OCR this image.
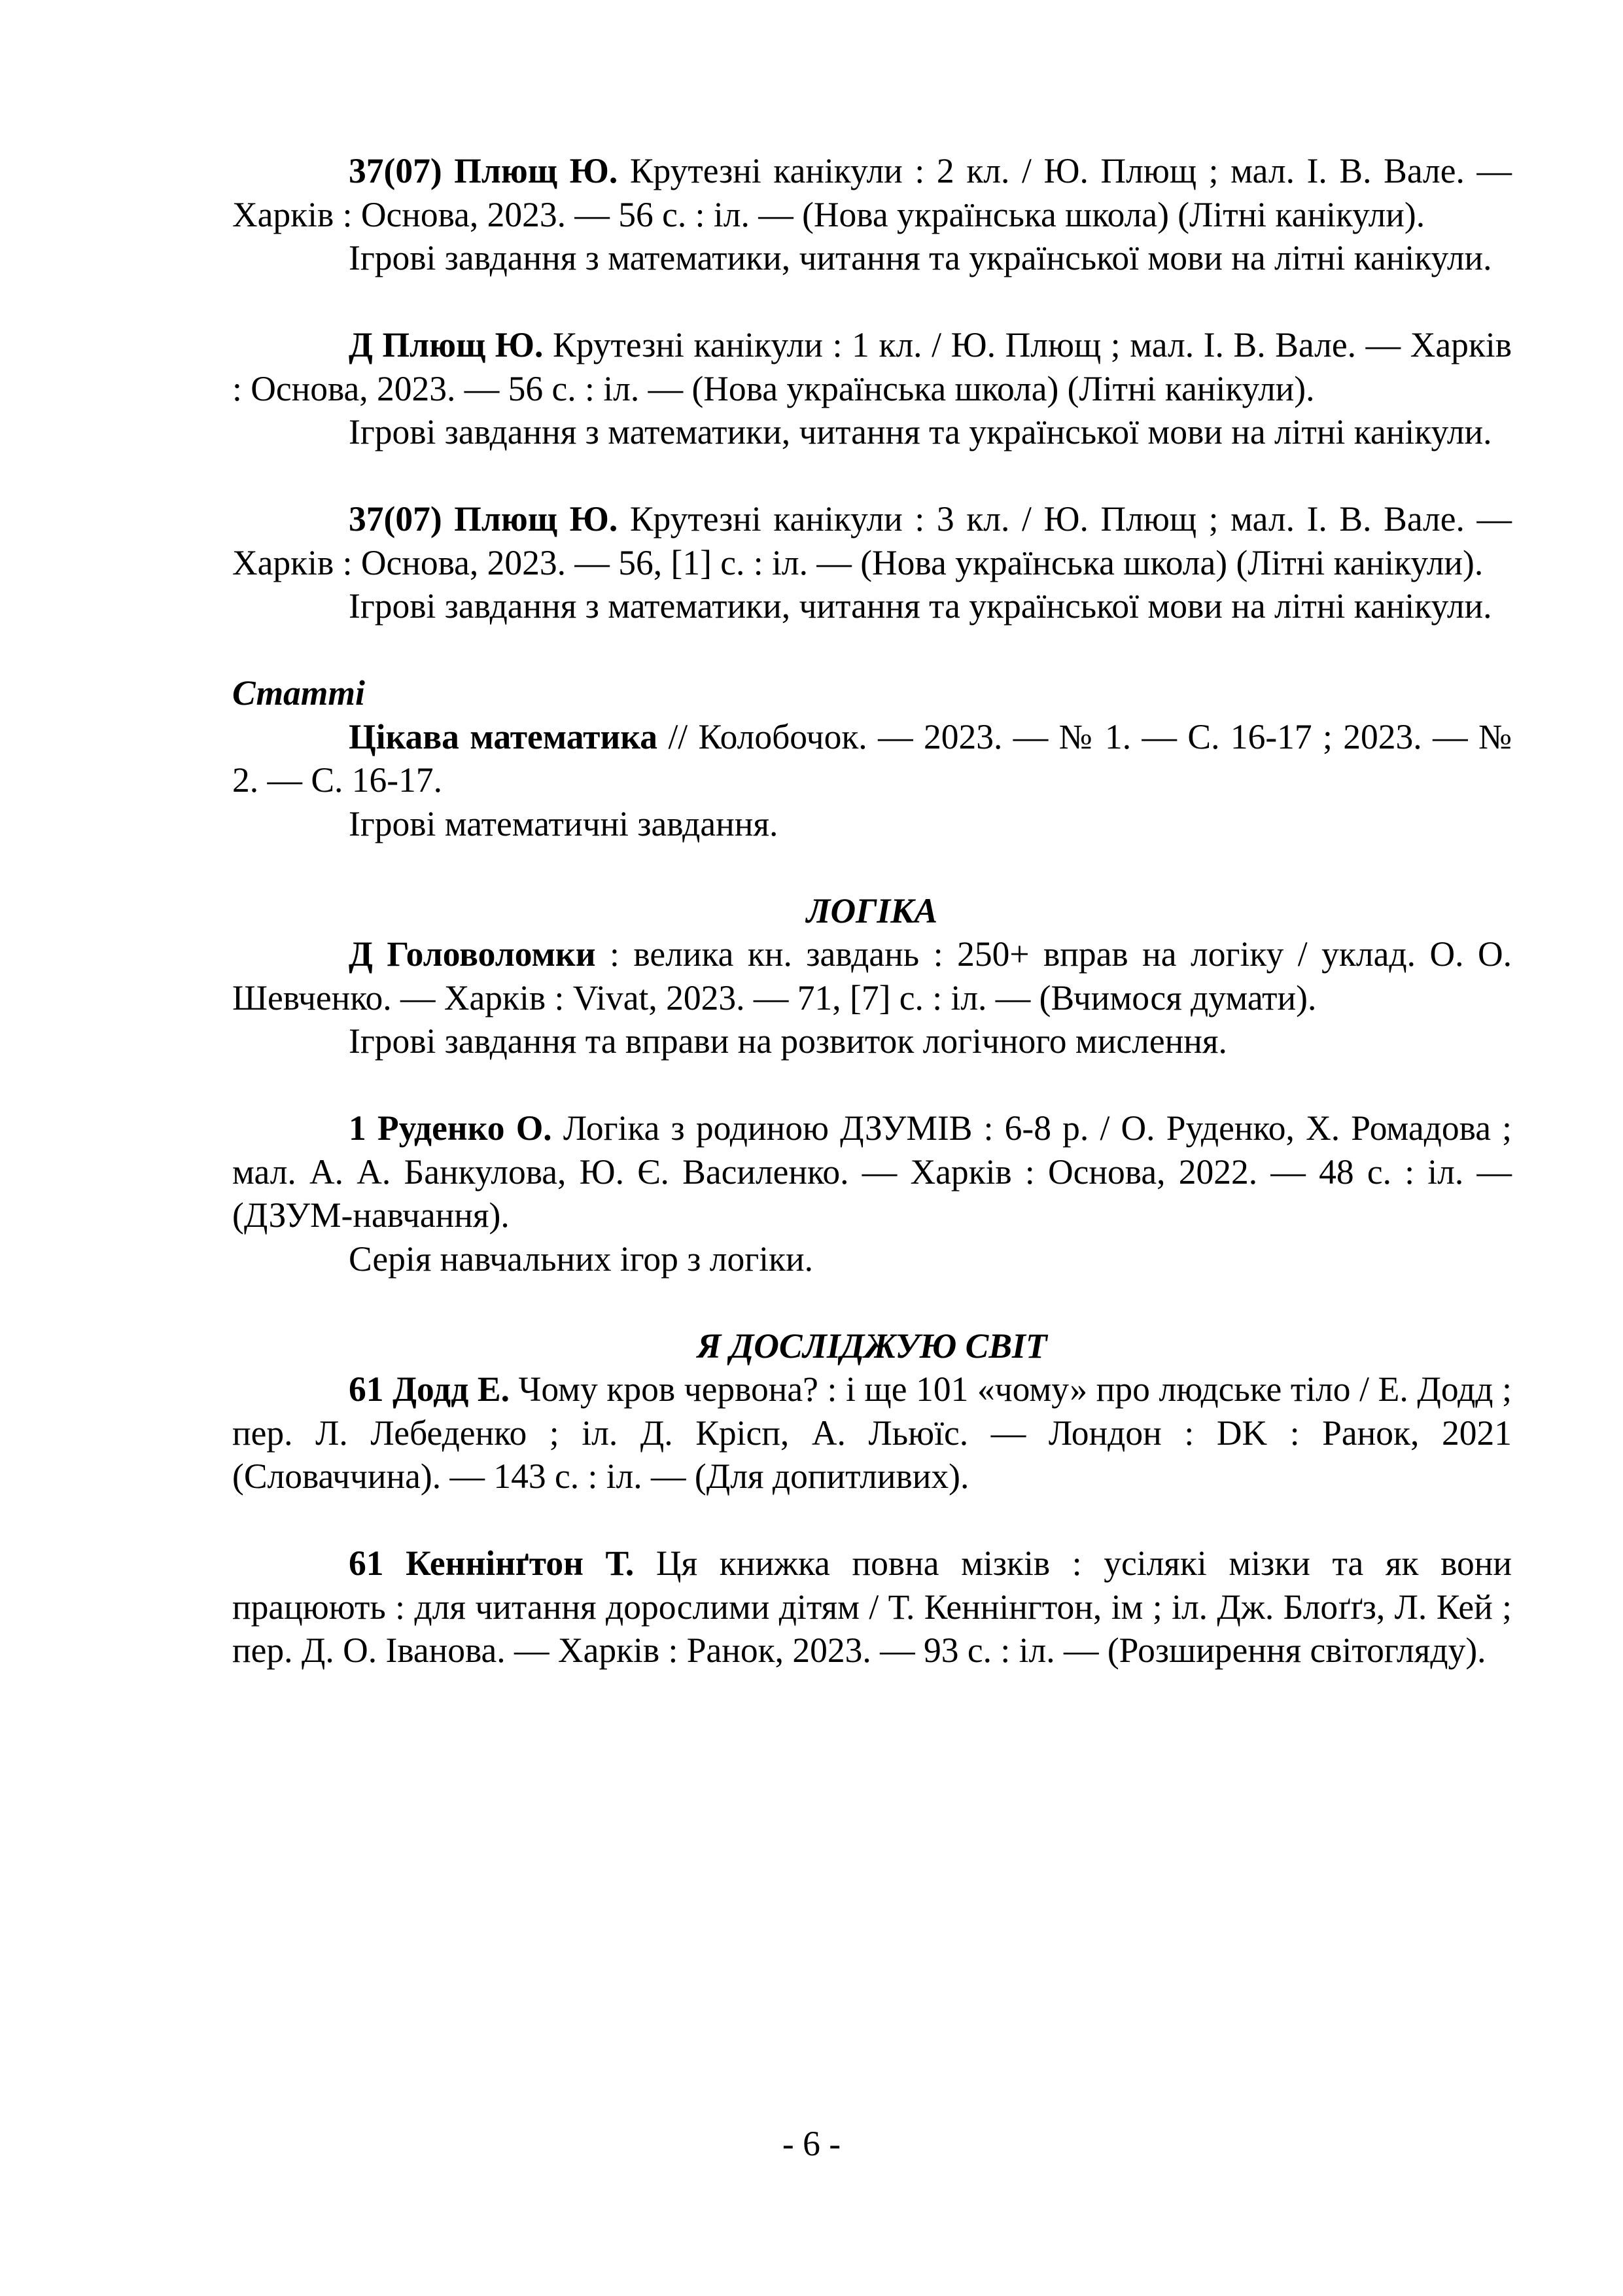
37(07) Плющ Ю. Крутезні канікули : 2 кл. / Ю. Плющ ; мал. І. В. Вале. — Харків : Основа, 2023. — 56 с. : іл. — (Нова українська школа) (Літні канікули).

Ігрові завдання з математики, читання та української мови на літні канікули.

Д Плющ Ю. Крутезні канікули : 1 кл. / Ю. Плющ ; мал. І. В. Вале. — Харків : Основа, 2023. — 56 с. : іл. — (Нова українська школа) (Літні канікули).

Ігрові завдання з математики, читання та української мови на літні канікули.

37(07) Плющ Ю. Крутезні канікули : 3 кл. / Ю. Плющ ; мал. І. В. Вале. — Харків : Основа, 2023. — 56, [1] с. : іл. — (Нова українська школа) (Літні канікули).

Ігрові завдання з математики, читання та української мови на літні канікули.

Статті

Цікава математика // Колобочок. — 2023. — № 1. — С. 16-17 ; 2023. — № 2. — С. 16-17.

Ігрові математичні завдання.

ЛОГІКА

Д Головоломки : велика кн. завдань : 250+ вправ на логіку / уклад. О. О. Шевченко. — Харків : Vivat, 2023. — 71, [7] с. : іл. — (Вчимося думати).

Ігрові завдання та вправи на розвиток логічного мислення.

1 Руденко О. Логіка з родиною ДЗУМІВ : 6-8 р. / О. Руденко, Х. Ромадова ; мал. А. А. Банкулова, Ю. Є. Василенко. — Харків : Основа, 2022. — 48 с. : іл. — (ДЗУМ-навчання).

Серія навчальних ігор з логіки.

Я ДОСЛІДЖУЮ СВІТ

61 Додд Е. Чому кров червона? : і ще 101 «чому» про людське тіло / Е. Додд ; пер. Л. Лебеденко ; іл. Д. Крісп, А. Льюїс. — Лондон : DK : Ранок, 2021 (Словаччина). — 143 с. : іл. — (Для допитливих).

61 Кеннінґтон Т. Ця книжка повна мізків : усілякі мізки та як вони працюють : для читання дорослими дітям / Т. Кеннінгтон, ім ; іл. Дж. Блоґґз, Л. Кей ; пер. Д. О. Іванова. — Харків : Ранок, 2023. — 93 с. : іл. — (Розширення світогляду).

- 6 -
